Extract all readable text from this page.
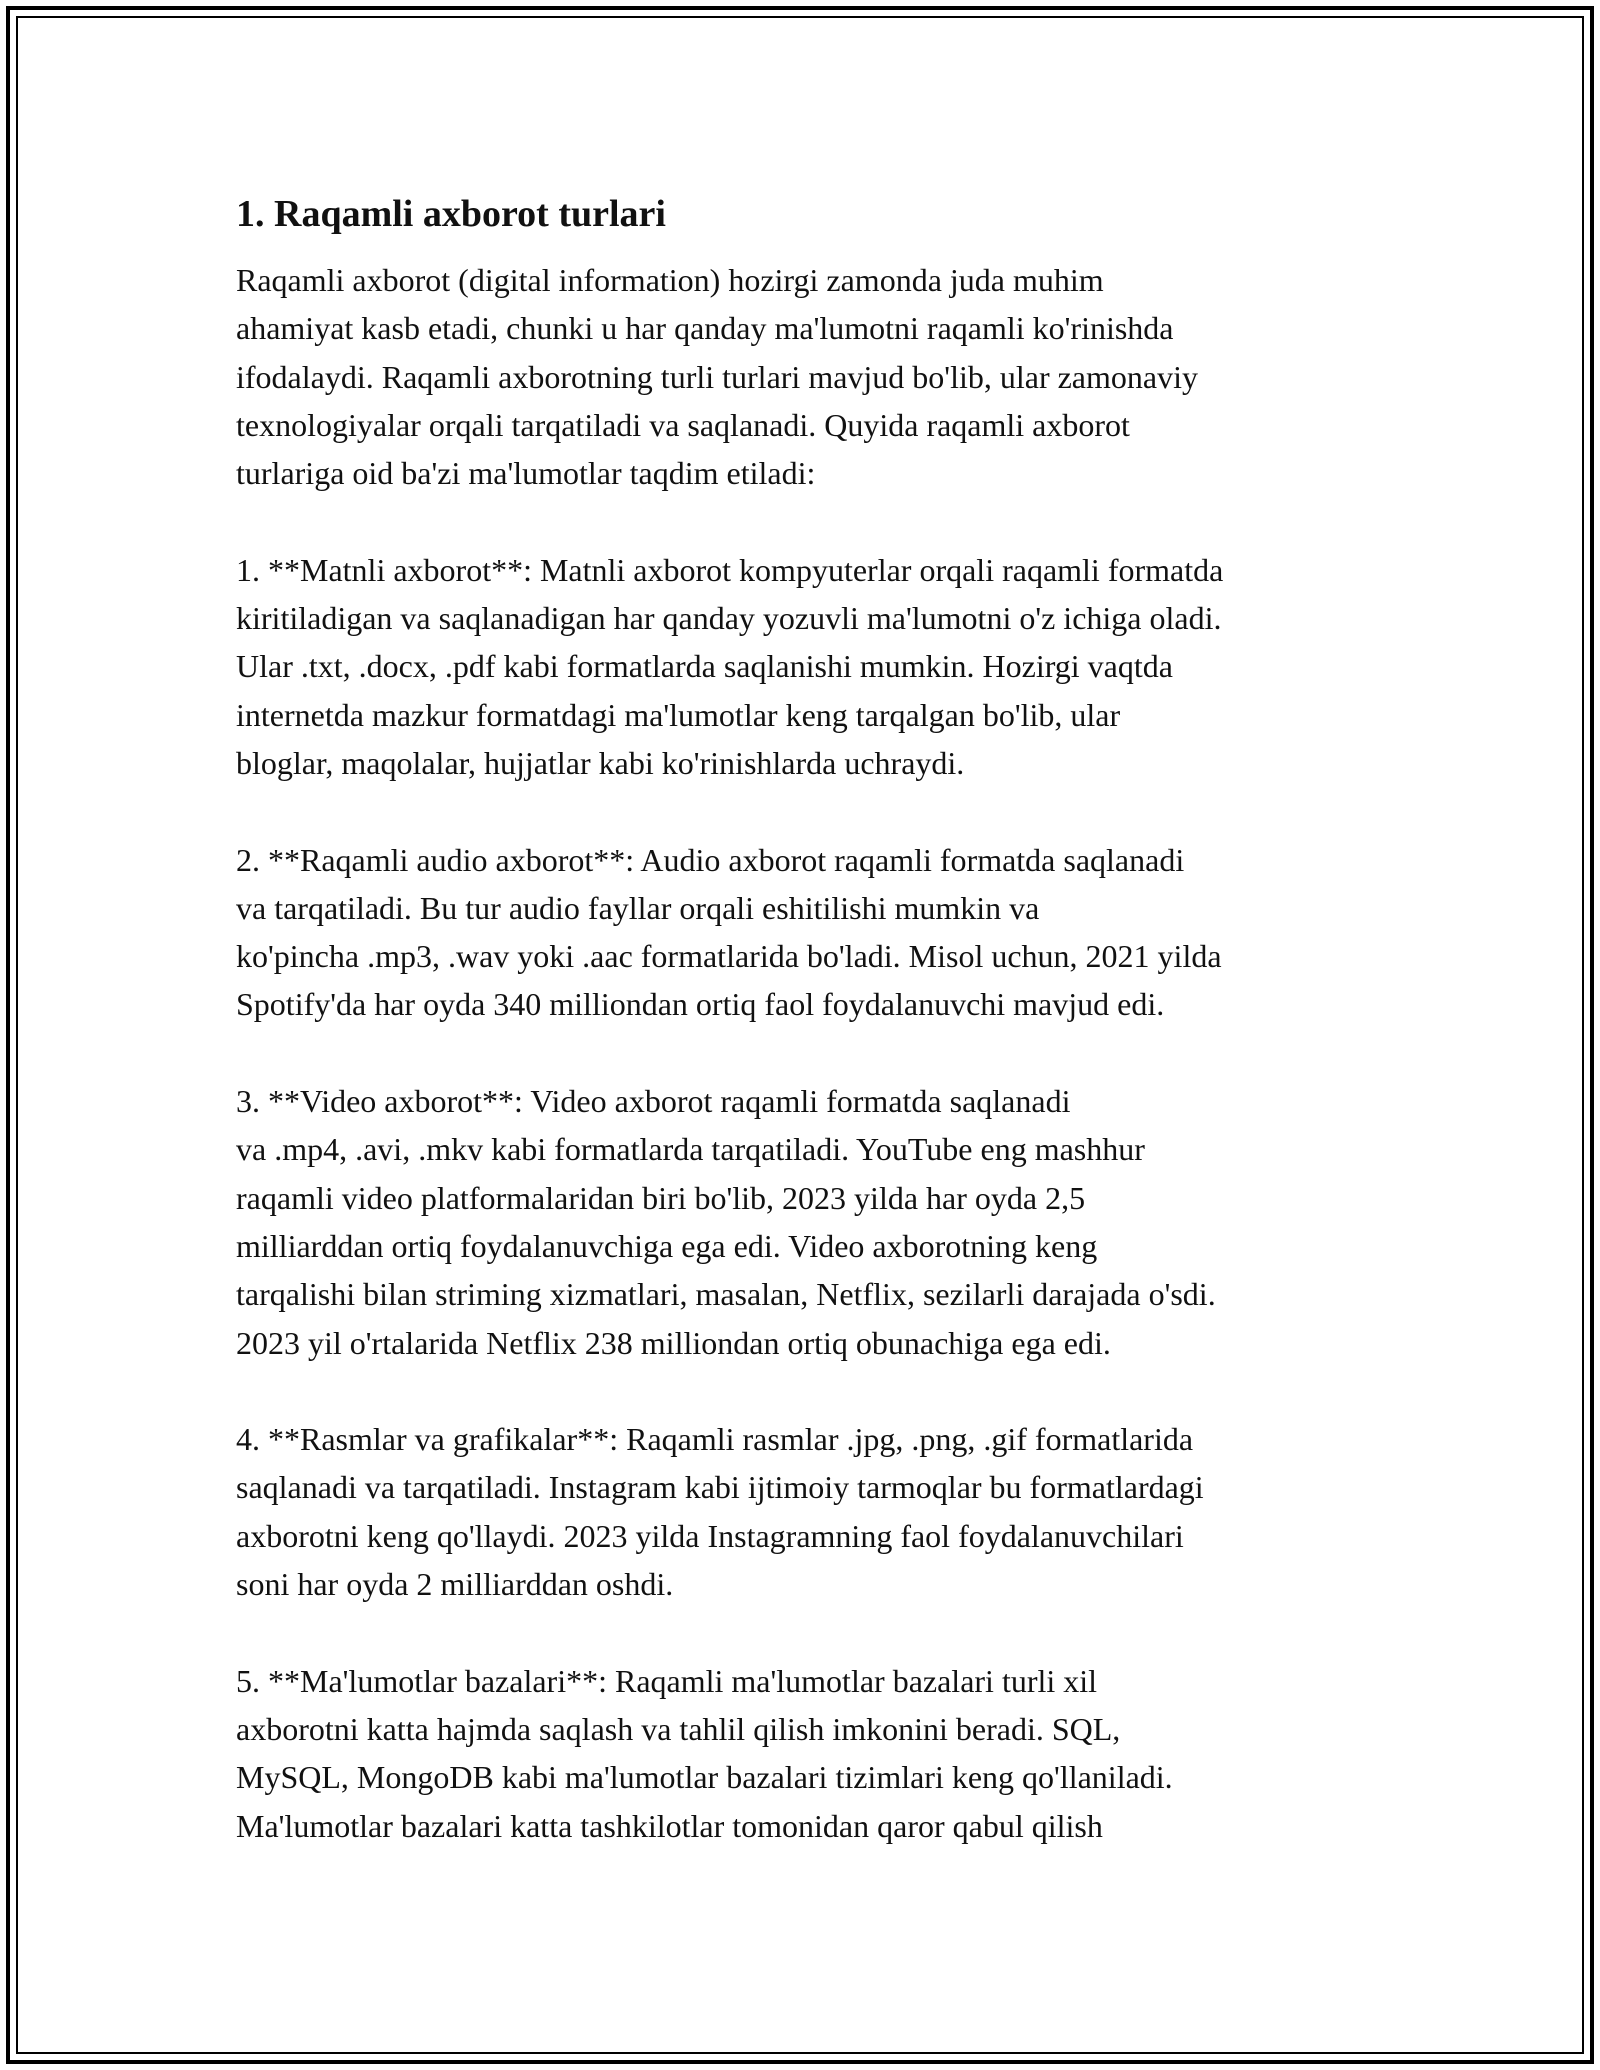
1. Raqamli axborot turlari
Raqamli axborot (digital information) hozirgi zamonda juda muhim
ahamiyat kasb etadi, chunki u har qanday ma'lumotni raqamli ko'rinishda
ifodalaydi. Raqamli axborotning turli turlari mavjud bo'lib, ular zamonaviy
texnologiyalar orqali tarqatiladi va saqlanadi. Quyida raqamli axborot
turlariga oid ba'zi ma'lumotlar taqdim etiladi:
1. **Matnli axborot**: Matnli axborot kompyuterlar orqali raqamli formatda
kiritiladigan va saqlanadigan har qanday yozuvli ma'lumotni o'z ichiga oladi.
Ular .txt, .docx, .pdf kabi formatlarda saqlanishi mumkin. Hozirgi vaqtda
internetda mazkur formatdagi ma'lumotlar keng tarqalgan bo'lib, ular
bloglar, maqolalar, hujjatlar kabi ko'rinishlarda uchraydi.
2. **Raqamli audio axborot**: Audio axborot raqamli formatda saqlanadi
va tarqatiladi. Bu tur audio fayllar orqali eshitilishi mumkin va
ko'pincha .mp3, .wav yoki .aac formatlarida bo'ladi. Misol uchun, 2021 yilda
Spotify'da har oyda 340 milliondan ortiq faol foydalanuvchi mavjud edi.
3. **Video axborot**: Video axborot raqamli formatda saqlanadi
va .mp4, .avi, .mkv kabi formatlarda tarqatiladi. YouTube eng mashhur
raqamli video platformalaridan biri bo'lib, 2023 yilda har oyda 2,5
milliarddan ortiq foydalanuvchiga ega edi. Video axborotning keng
tarqalishi bilan striming xizmatlari, masalan, Netflix, sezilarli darajada o'sdi.
2023 yil o'rtalarida Netflix 238 milliondan ortiq obunachiga ega edi.
4. **Rasmlar va grafikalar**: Raqamli rasmlar .jpg, .png, .gif formatlarida
saqlanadi va tarqatiladi. Instagram kabi ijtimoiy tarmoqlar bu formatlardagi
axborotni keng qo'llaydi. 2023 yilda Instagramning faol foydalanuvchilari
soni har oyda 2 milliarddan oshdi.
5. **Ma'lumotlar bazalari**: Raqamli ma'lumotlar bazalari turli xil
axborotni katta hajmda saqlash va tahlil qilish imkonini beradi. SQL,
MySQL, MongoDB kabi ma'lumotlar bazalari tizimlari keng qo'llaniladi.
Ma'lumotlar bazalari katta tashkilotlar tomonidan qaror qabul qilish
